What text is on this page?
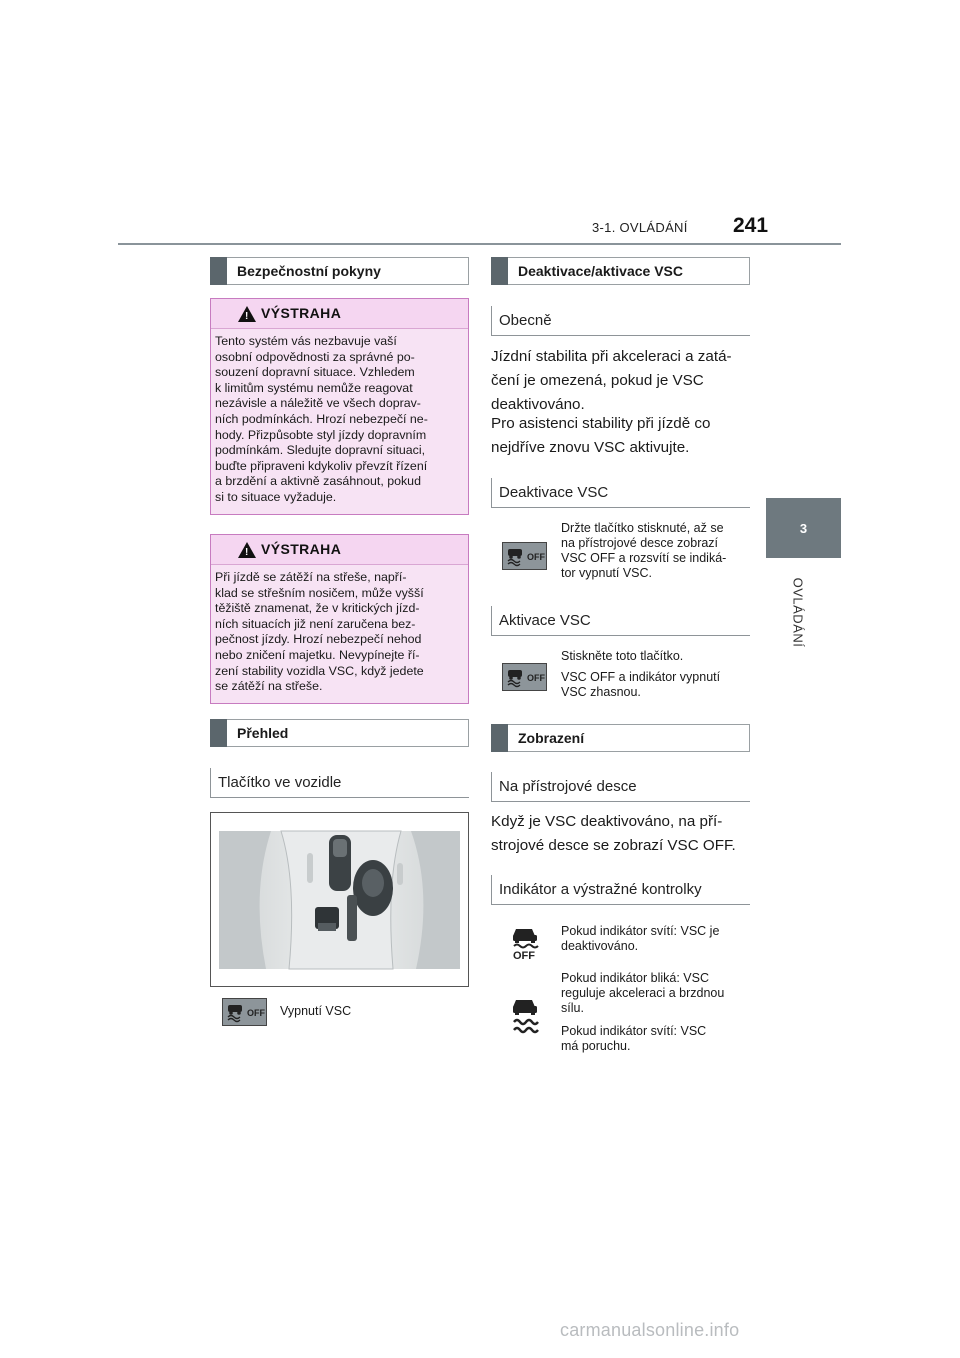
3-1. OVLÁDÁNÍ 241
3
OVLÁDÁNÍ
Bezpečnostní pokyny
! VÝSTRAHA
Tento systém vás nezbavuje vaší
osobní odpovědnosti za správné po-
souzení dopravní situace. Vzhledem
k limitům systému nemůže reagovat
nezávisle a náležitě ve všech doprav-
ních podmínkách. Hrozí nebezpečí ne-
hody. Přizpůsobte styl jízdy dopravním
podmínkám. Sledujte dopravní situaci,
buďte připraveni kdykoliv převzít řízení
a brzdění a aktivně zasáhnout, pokud
si to situace vyžaduje.
! VÝSTRAHA
Při jízdě se zátěží na střeše, napří-
klad se střešním nosičem, může vyšší
těžiště znamenat, že v kritických jízd-
ních situacích již není zaručena bez-
pečnost jízdy. Hrozí nebezpečí nehod
nebo zničení majetku. Nevypínejte ří-
zení stability vozidla VSC, když jedete
se zátěží na střeše.
Přehled
Tlačítko ve vozidle
OFF Vypnutí VSC
Deaktivace/aktivace VSC
Obecně
Jízdní stabilita při akceleraci a zatá-
čení je omezená, pokud je VSC
deaktivováno.
Pro asistenci stability při jízdě co
nejdříve znovu VSC aktivujte.
Deaktivace VSC
OFF
Držte tlačítko stisknuté, až se
na přístrojové desce zobrazí
VSC OFF a rozsvítí se indiká-
tor vypnutí VSC.
Aktivace VSC
OFF
Stiskněte toto tlačítko.
VSC OFF a indikátor vypnutí
VSC zhasnou.
Zobrazení
Na přístrojové desce
Když je VSC deaktivováno, na pří-
strojové desce se zobrazí VSC OFF.
Indikátor a výstražné kontrolky
OFF
Pokud indikátor svítí: VSC je
deaktivováno.
Pokud indikátor bliká: VSC
reguluje akceleraci a brzdnou
sílu.
Pokud indikátor svítí: VSC
má poruchu.
carmanualsonline.info
